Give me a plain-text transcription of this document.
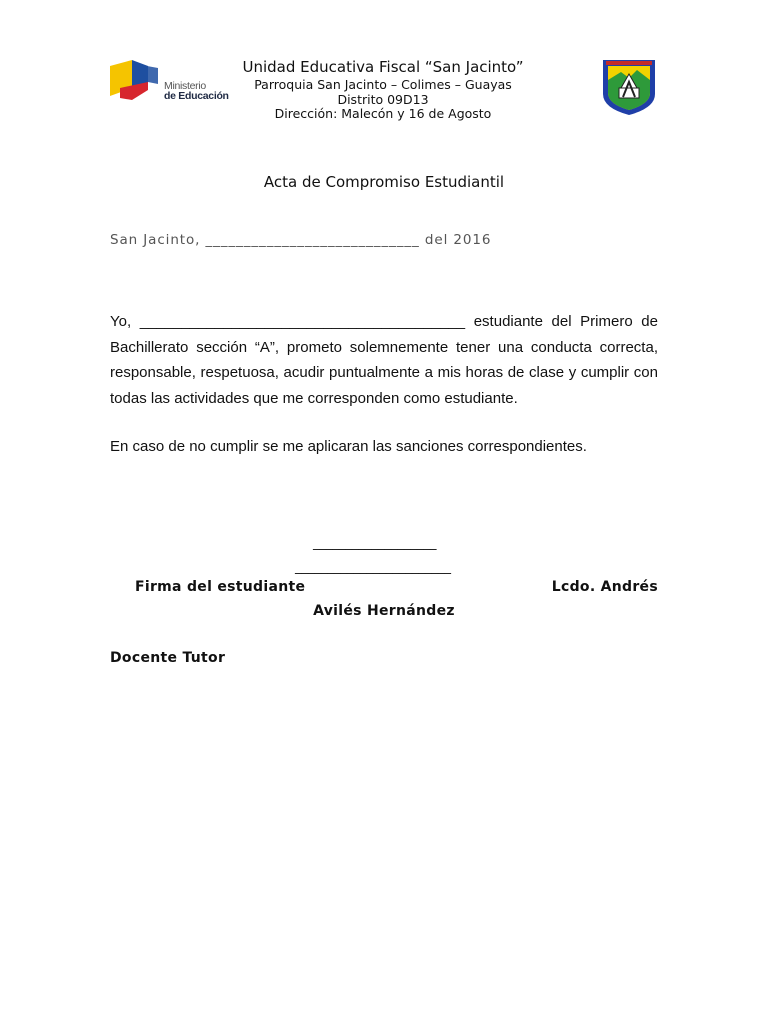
Ministerio
de Educación
Unidad Educativa Fiscal “San Jacinto”
Parroquia San Jacinto – Colimes – Guayas
Distrito 09D13
Dirección: Malecón y 16 de Agosto
Acta de Compromiso Estudiantil
San Jacinto, ____________________________ del 2016
Yo, _______________________________________ estudiante del Primero de Bachillerato sección “A”, prometo solemnemente tener una conducta correcta, responsable, respetuosa, acudir puntualmente a mis horas de clase y cumplir con todas las actividades que me corresponden como estudiante.
En caso de no cumplir se me aplicaran las sanciones correspondientes.
___________________
________________________
Firma del estudiante	Lcdo. Andrés
Avilés Hernández
Docente Tutor
